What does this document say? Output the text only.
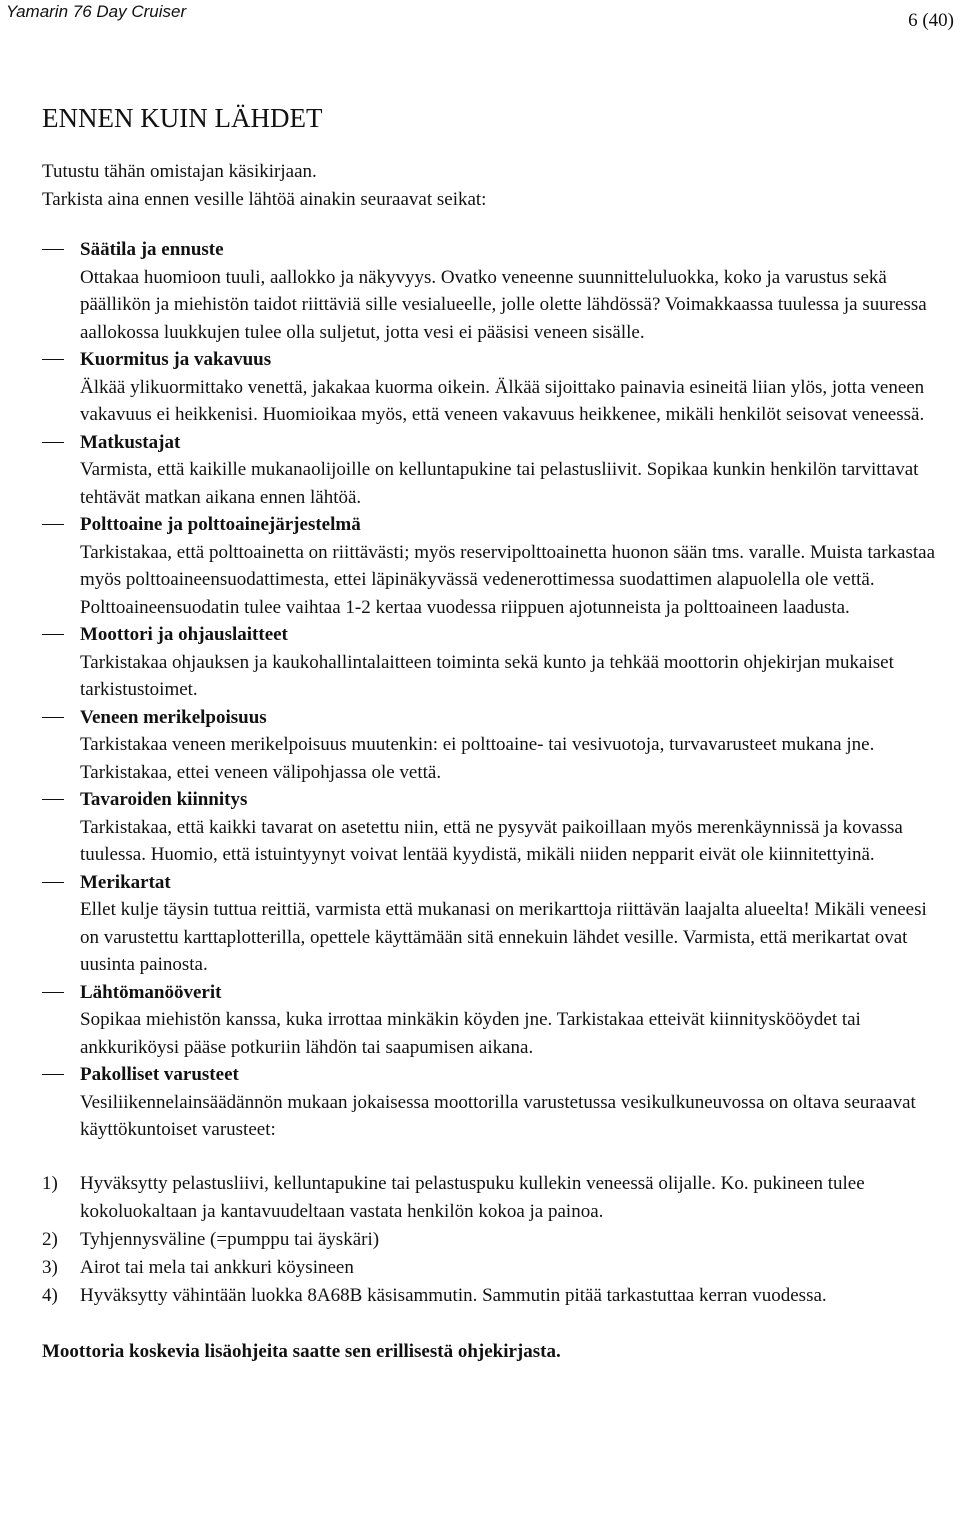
Yamarin 76 Day Cruiser	6 (40)
ENNEN KUIN LÄHDET
Tutustu tähän omistajan käsikirjaan.
Tarkista aina ennen vesille lähtöä ainakin seuraavat seikat:
Säätila ja ennuste
Ottakaa huomioon tuuli, aallokko ja näkyvyys. Ovatko veneenne suunnitteluluokka, koko ja varustus sekä päällikön ja miehistön taidot riittäviä sille vesialueelle, jolle olette lähdössä? Voimakkaassa tuulessa ja suuressa aallokossa luukkujen tulee olla suljetut, jotta vesi ei pääsisi veneen sisälle.
Kuormitus ja vakavuus
Älkää ylikuormittako venettä, jakakaa kuorma oikein. Älkää sijoittako painavia esineitä liian ylös, jotta veneen vakavuus ei heikkenisi. Huomioikaa myös, että veneen vakavuus heikkenee, mikäli henkilöt seisovat veneessä.
Matkustajat
Varmista, että kaikille mukanaolijoille on kelluntapukine tai pelastusliivit. Sopikaa kunkin henkilön tarvittavat tehtävät matkan aikana ennen lähtöä.
Polttoaine ja polttoainejärjestelmä
Tarkistakaa, että polttoainetta on riittävästi; myös reservipolttoainetta huonon sään tms. varalle. Muista tarkastaa myös polttoaineensuodattimesta, ettei läpinäkyvässä vedenerottimessa suodattimen alapuolella ole vettä. Polttoaineensuodatin tulee vaihtaa 1-2 kertaa vuodessa riippuen ajotunneista ja polttoaineen laadusta.
Moottori ja ohjauslaitteet
Tarkistakaa ohjauksen ja kaukohallintalaitteen toiminta sekä kunto ja tehkää moottorin ohjekirjan mukaiset tarkistustoimet.
Veneen merikelpoisuus
Tarkistakaa veneen merikelpoisuus muutenkin: ei polttoaine- tai vesivuotoja, turvavarusteet mukana jne. Tarkistakaa, ettei veneen välipohjassa ole vettä.
Tavaroiden kiinnitys
Tarkistakaa, että kaikki tavarat on asetettu niin, että ne pysyvät paikoillaan myös merenkäynnissä ja kovassa tuulessa. Huomio, että istuintyynyt voivat lentää kyydistä, mikäli niiden nepparit eivät ole kiinnitettyinä.
Merikartat
Ellet kulje täysin tuttua reittiä, varmista että mukanasi on merikarttoja riittävän laajalta alueelta! Mikäli veneesi on varustettu karttaplotterilla, opettele käyttämään sitä ennekuin lähdet vesille. Varmista, että merikartat ovat uusinta painosta.
Lähtömanööverit
Sopikaa miehistön kanssa, kuka irrottaa minkäkin köyden jne. Tarkistakaa etteivät kiinnityskööydet tai ankkuriköysi pääse potkuriin lähdön tai saapumisen aikana.
Pakolliset varusteet
Vesiliikennelainsäädännön mukaan jokaisessa moottorilla varustetussa vesikulkuneuvossa on oltava seuraavat käyttökuntoiset varusteet:
1) Hyväksytty pelastusliivi, kelluntapukine tai pelastuspuku kullekin veneessä olijalle. Ko. pukineen tulee kokoluokaltaan ja kantavuudeltaan vastata henkilön kokoa ja painoa.
2) Tyhjennysväline (=pumppu tai äyskäri)
3) Airot tai mela tai ankkuri köysineen
4) Hyväksytty vähintään luokka 8A68B käsisammutin. Sammutin pitää tarkastuttaa kerran vuodessa.

Moottoria koskevia lisäohjeita saatte sen erillisestä ohjekirjasta.
